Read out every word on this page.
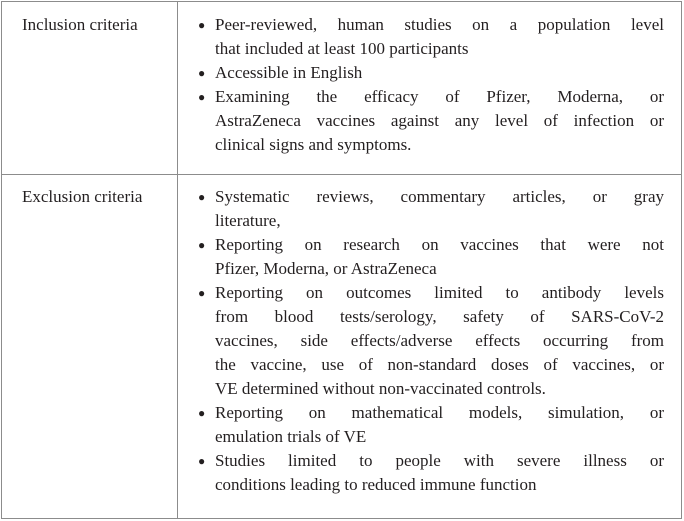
Inclusion criteria	● Peer-reviewed, human studies on a population level
that included at least 100 participants
● Accessible in English
● Examining the efficacy of Pfizer, Moderna, or
AstraZeneca vaccines against any level of infection or
clinical signs and symptoms.
Exclusion criteria	● Systematic reviews, commentary articles, or gray
literature,
● Reporting on research on vaccines that were not
Pfizer, Moderna, or AstraZeneca
● Reporting on outcomes limited to antibody levels
from blood tests/serology, safety of SARS-CoV-2
vaccines, side effects/adverse effects occurring from
the vaccine, use of non-standard doses of vaccines, or
VE determined without non-vaccinated controls.
● Reporting on mathematical models, simulation, or
emulation trials of VE
● Studies limited to people with severe illness or
conditions leading to reduced immune function
